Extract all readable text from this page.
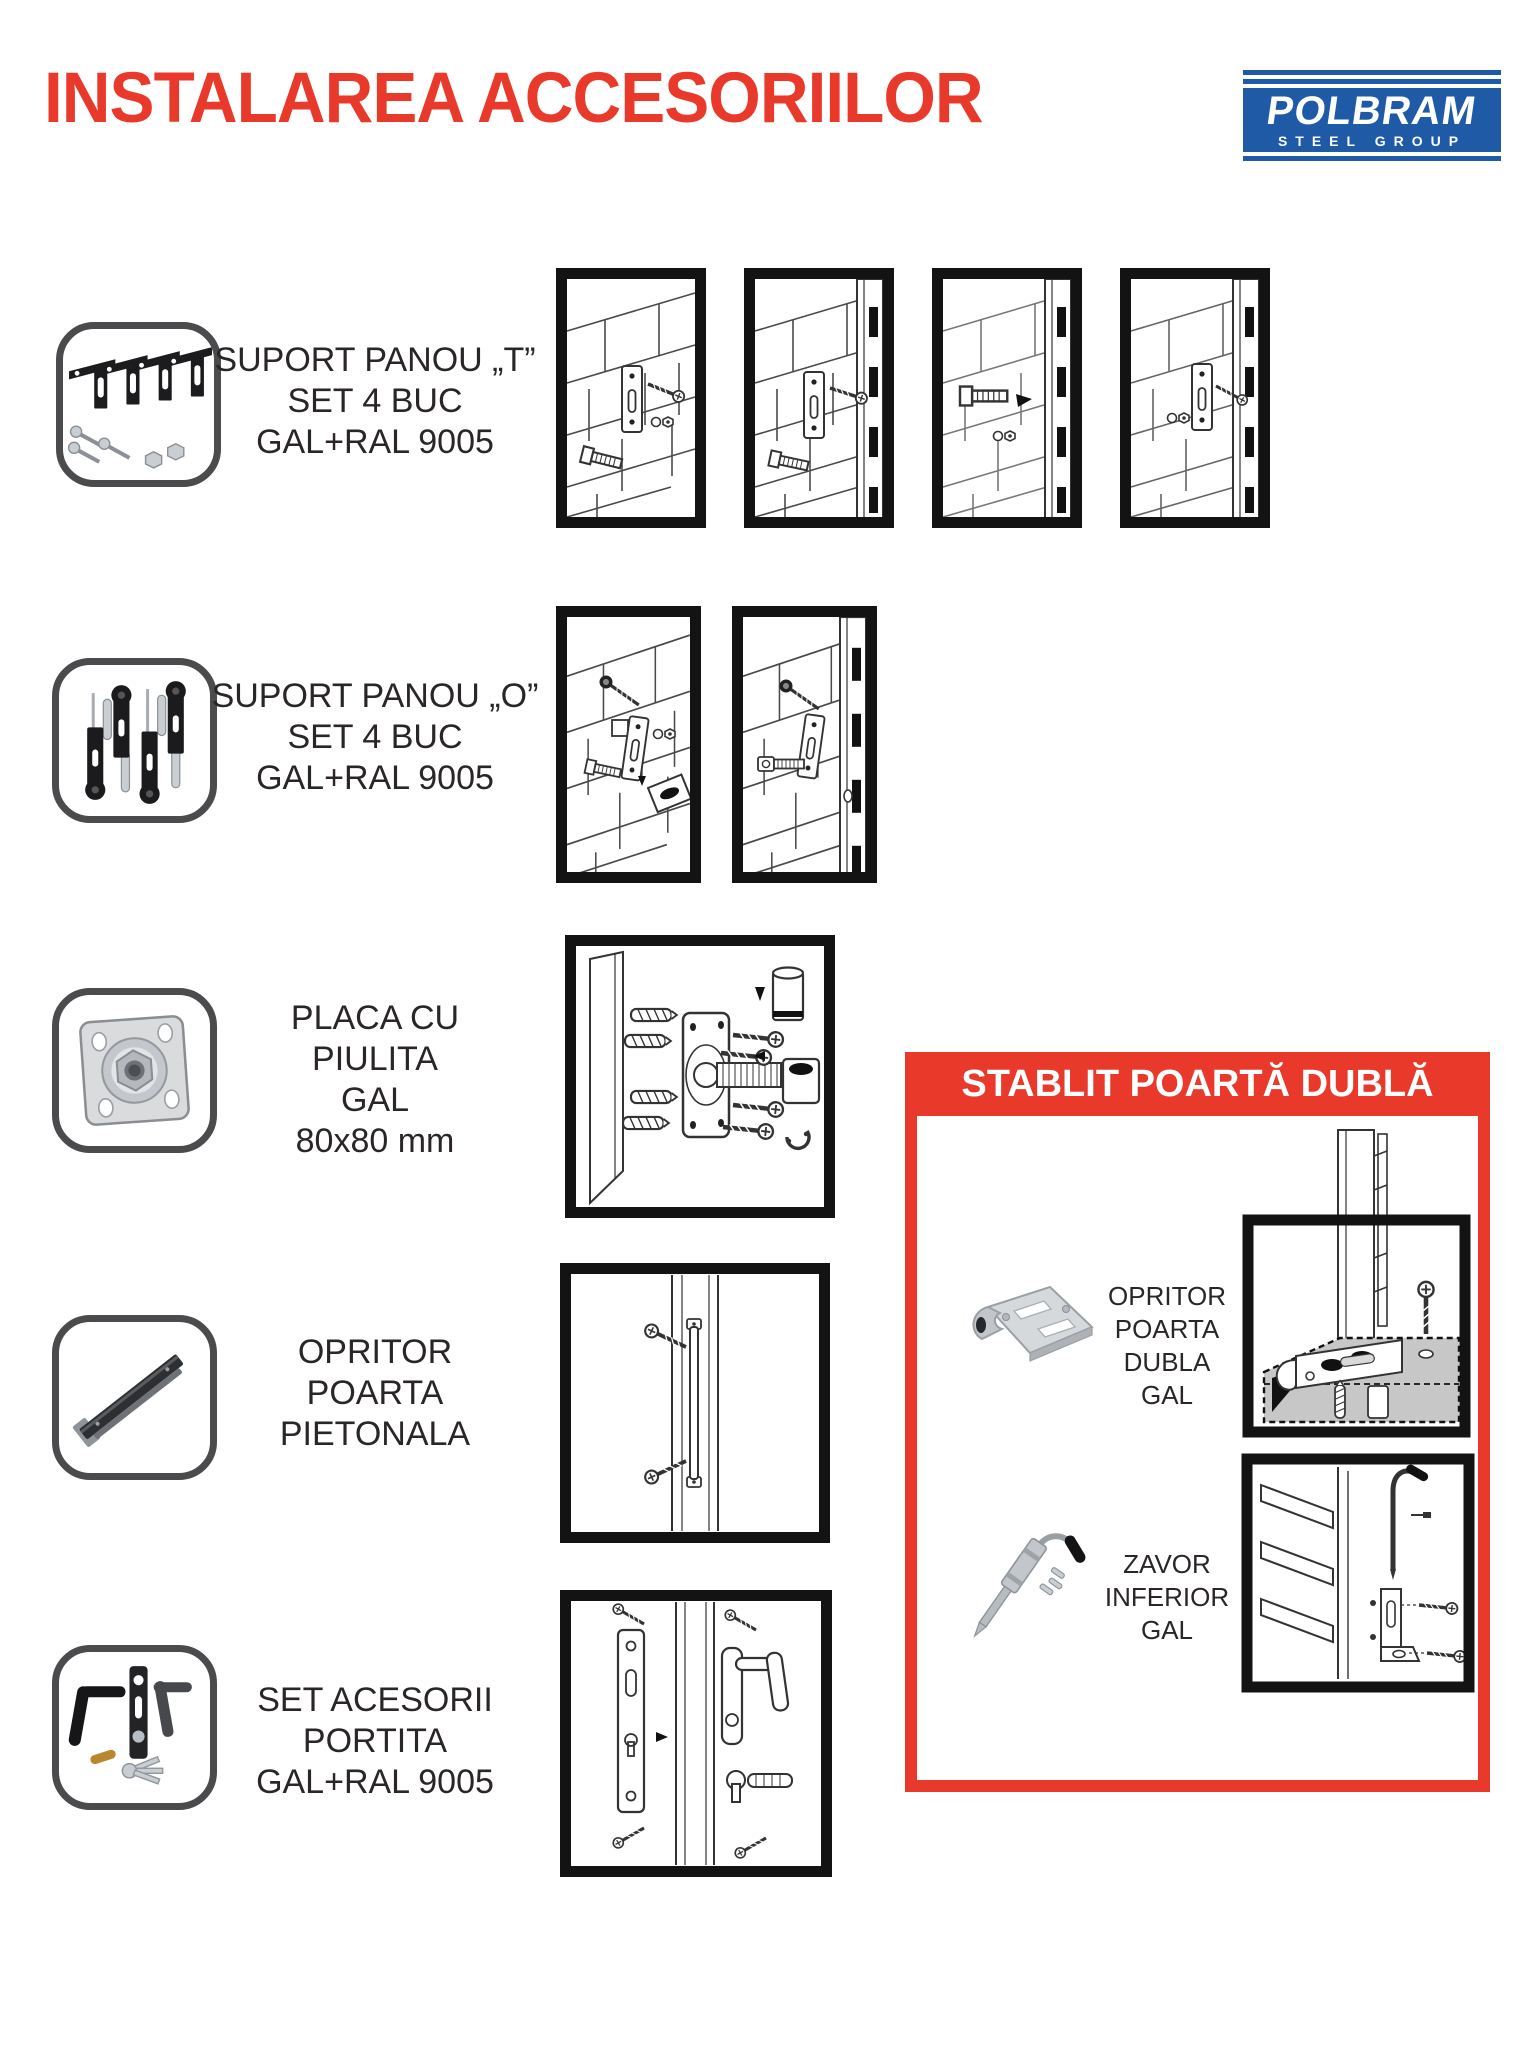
INSTALAREA ACCESORIILOR	POLBRAM
STEEL GROUP
SUPORT PANOU „T”
SET 4 BUC
GAL+RAL 9005
SUPORT PANOU „O”
SET 4 BUC
GAL+RAL 9005
PLACA CU
PIULITA
GAL
80x80 mm
OPRITOR
POARTA
PIETONALA
SET ACESORII
PORTITA
GAL+RAL 9005
STABLIT POARTĂ DUBLĂ
OPRITOR
POARTA
DUBLA
GAL
ZAVOR
INFERIOR
GAL
